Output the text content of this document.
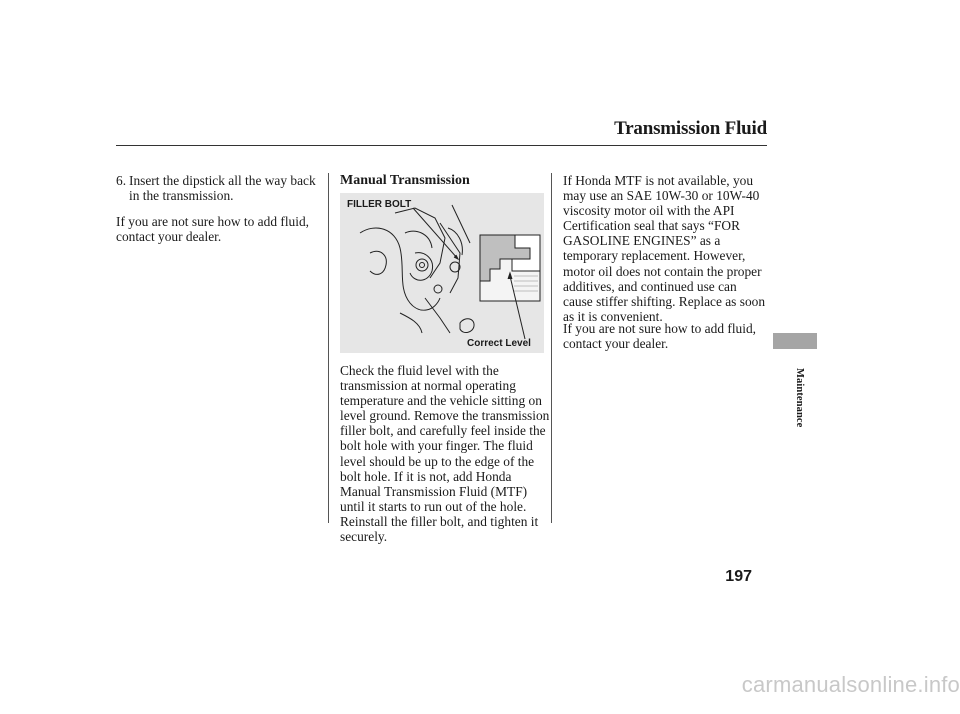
Transmission Fluid
6. Insert the dipstick all the way back in the transmission.
If you are not sure how to add fluid, contact your dealer.
Manual Transmission
FILLER BOLT
Correct Level
Check the fluid level with the transmission at normal operating temperature and the vehicle sitting on level ground. Remove the transmission filler bolt, and carefully feel inside the bolt hole with your finger. The fluid level should be up to the edge of the bolt hole. If it is not, add Honda Manual Transmission Fluid (MTF) until it starts to run out of the hole. Reinstall the filler bolt, and tighten it securely.
If Honda MTF is not available, you may use an SAE 10W-30 or 10W-40 viscosity motor oil with the API Certification seal that says “FOR GASOLINE ENGINES” as a temporary replacement. However, motor oil does not contain the proper additives, and continued use can cause stiffer shifting. Replace as soon as it is convenient.
If you are not sure how to add fluid, contact your dealer.
Maintenance
197
carmanualsonline.info
